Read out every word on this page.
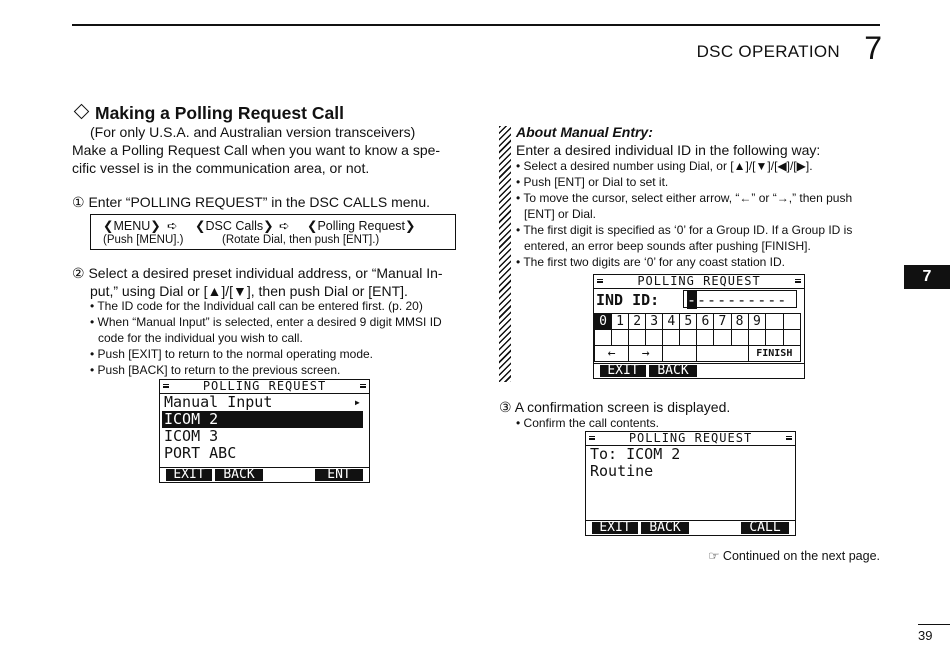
DSC OPERATION 7
7
39
Making a Polling Request Call
(For only U.S.A. and Australian version transceivers)
Make a Polling Request Call when you want to know a spe-
cific vessel is in the communication area, or not.
① Enter “POLLING REQUEST” in the DSC CALLS menu.
❮MENU❯ ➪ ❮DSC Calls❯ ➪ ❮Polling Request❯
(Push [MENU].)	(Rotate Dial, then push [ENT].)
② Select a desired preset individual address, or “Manual In-
put,” using Dial or [▲]/[▼], then push Dial or [ENT].
• The ID code for the Individual call can be entered first. (p. 20)
• When “Manual Input” is selected, enter a desired 9 digit MMSI ID
code for the individual you wish to call.
• Push [EXIT] to return to the normal operating mode.
• Push [BACK] to return to the previous screen.
POLLING REQUEST
Manual Input	▸
ICOM 2
ICOM 3
PORT ABC
EXIT	BACK	ENT
About Manual Entry:
Enter a desired individual ID in the following way:
• Select a desired number using Dial, or [▲]/[▼]/[◀]/[▶].
• Push [ENT] or Dial to set it.
• To move the cursor, select either arrow, “←” or “→,” then push
[ENT] or Dial.
• The first digit is specified as ‘0’ for a Group ID. If a Group ID is
entered, an error beep sounds after pushing [FINISH].
• The first two digits are ‘0’ for any coast station ID.
POLLING REQUEST
IND ID: ----------
0	1	2	3	4	5	6	7	8	9		

←		→							FINISH		
EXIT	BACK
③ A confirmation screen is displayed.
• Confirm the call contents.
POLLING REQUEST
To: ICOM 2
Routine
EXIT	BACK	CALL
☞ Continued on the next page.
